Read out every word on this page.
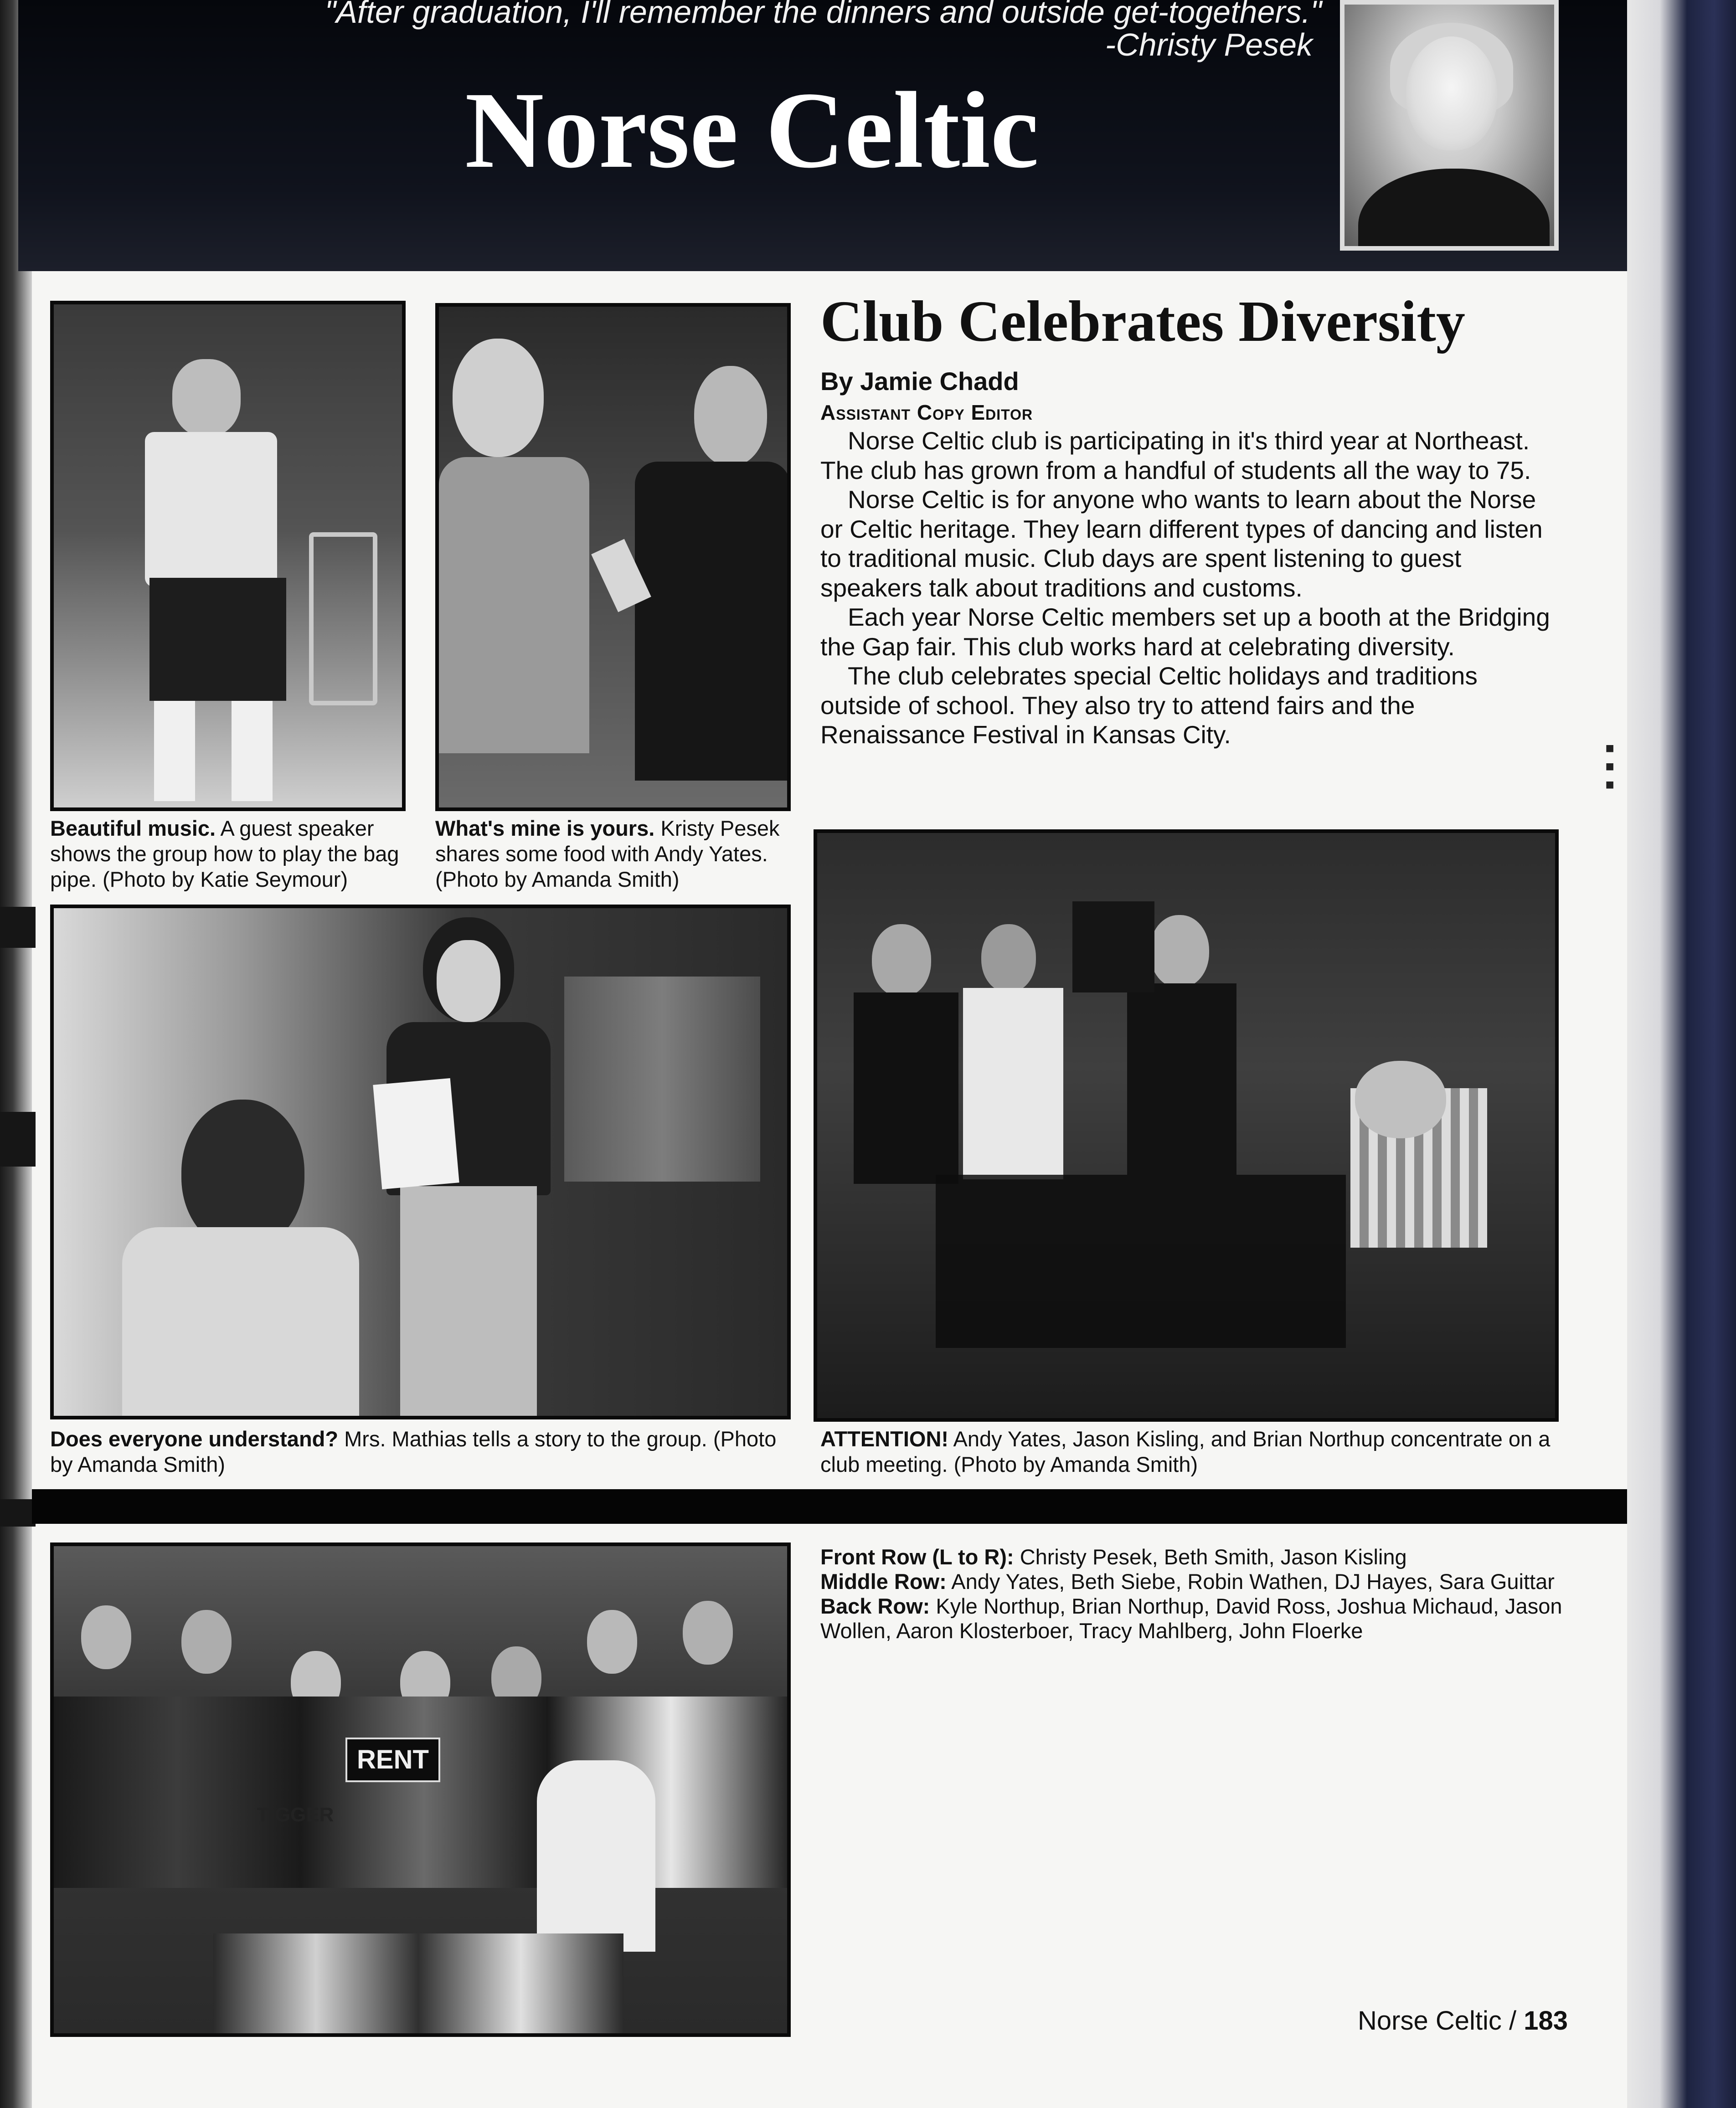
▪
▪
▪
"After graduation, I'll remember the dinners and outside get-togethers."
-Christy Pesek
Norse Celtic
Beautiful music. A guest speaker shows the group how to play the bag pipe. (Photo by Katie Seymour)
What's mine is yours. Kristy Pesek shares some food with Andy Yates. (Photo by Amanda Smith)
Club Celebrates Diversity
By Jamie Chadd
Assistant Copy Editor

Norse Celtic club is participating in it's third year at Northeast. The club has grown from a handful of students all the way to 75.

Norse Celtic is for anyone who wants to learn about the Norse or Celtic heritage. They learn different types of dancing and listen to traditional music. Club days are spent listening to guest speakers talk about traditions and customs.

Each year Norse Celtic members set up a booth at the Bridging the Gap fair. This club works hard at celebrating diversity.

The club celebrates special Celtic holidays and traditions outside of school. They also try to attend fairs and the Renaissance Festival in Kansas City.

Does everyone understand? Mrs. Mathias tells a story to the group. (Photo by Amanda Smith)
ATTENTION! Andy Yates, Jason Kisling, and Brian Northup concentrate on a club meeting. (Photo by Amanda Smith)
RENT
TIGGER
Front Row (L to R): Christy Pesek, Beth Smith, Jason Kisling
Middle Row: Andy Yates, Beth Siebe, Robin Wathen, DJ Hayes, Sara Guittar
Back Row: Kyle Northup, Brian Northup, David Ross, Joshua Michaud, Jason Wollen, Aaron Klosterboer, Tracy Mahlberg, John Floerke
Norse Celtic / 183
